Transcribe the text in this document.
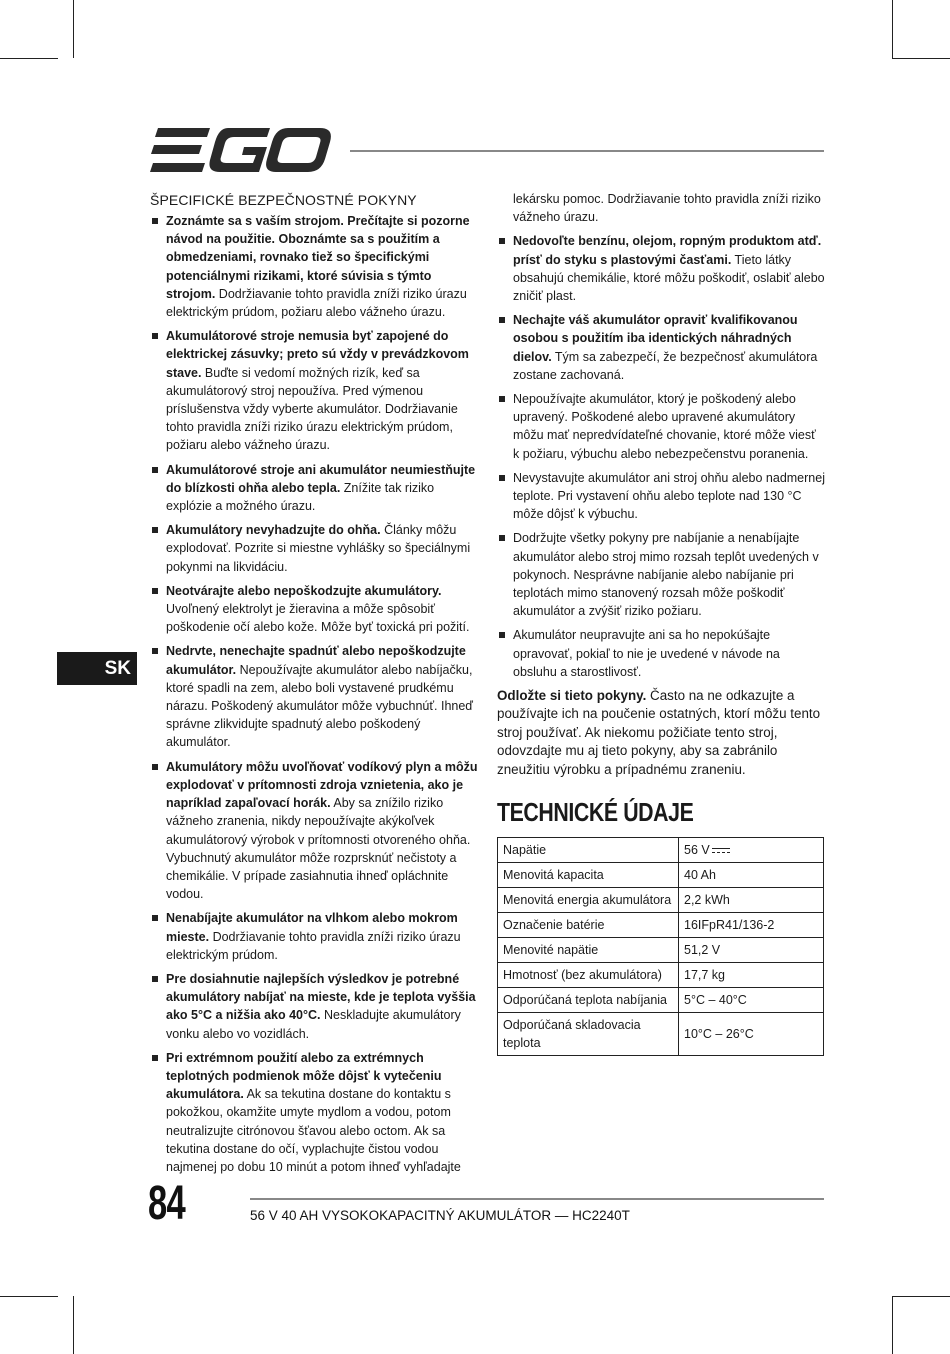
SK
ŠPECIFICKÉ BEZPEČNOSTNÉ POKYNY
Zoznámte sa s vaším strojom. Prečítajte si pozorne návod na použitie. Oboznámte sa s použitím a obmedzeniami, rovnako tiež so špecifickými potenciálnymi rizikami, ktoré súvisia s týmto strojom. Dodržiavanie tohto pravidla zníži riziko úrazu elektrickým prúdom, požiaru alebo vážneho úrazu.
Akumulátorové stroje nemusia byť zapojené do elektrickej zásuvky; preto sú vždy v prevádzkovom stave. Buďte si vedomí možných rizík, keď sa akumulátorový stroj nepoužíva. Pred výmenou príslušenstva vždy vyberte akumulátor. Dodržiavanie tohto pravidla zníži riziko úrazu elektrickým prúdom, požiaru alebo vážneho úrazu.
Akumulátorové stroje ani akumulátor neumiestňujte do blízkosti ohňa alebo tepla. Znížite tak riziko explózie a možného úrazu.
Akumulátory nevyhadzujte do ohňa. Články môžu explodovať. Pozrite si miestne vyhlášky so špeciálnymi pokynmi na likvidáciu.
Neotvárajte alebo nepoškodzujte akumulátory. Uvoľnený elektrolyt je žieravina a môže spôsobiť poškodenie očí alebo kože. Môže byť toxická pri požití.
Nedrvte, nenechajte spadnúť alebo nepoškodzujte akumulátor. Nepoužívajte akumulátor alebo nabíjačku, ktoré spadli na zem, alebo boli vystavené prudkému nárazu. Poškodený akumulátor môže vybuchnúť. Ihneď správne zlikvidujte spadnutý alebo poškodený akumulátor.
Akumulátory môžu uvoľňovať vodíkový plyn a môžu explodovať v prítomnosti zdroja vznietenia, ako je napríklad zapaľovací horák. Aby sa znížilo riziko vážneho zranenia, nikdy nepoužívajte akýkoľvek akumulátorový výrobok v prítomnosti otvoreného ohňa. Vybuchnutý akumulátor môže rozprsknúť nečistoty a chemikálie. V prípade zasiahnutia ihneď opláchnite vodou.
Nenabíjajte akumulátor na vlhkom alebo mokrom mieste. Dodržiavanie tohto pravidla zníži riziko úrazu elektrickým prúdom.
Pre dosiahnutie najlepších výsledkov je potrebné akumulátory nabíjať na mieste, kde je teplota vyššia ako 5°C a nižšia ako 40°C. Neskladujte akumulátory vonku alebo vo vozidlách.
Pri extrémnom použití alebo za extrémnych teplotných podmienok môže dôjsť k vytečeniu akumulátora. Ak sa tekutina dostane do kontaktu s pokožkou, okamžite umyte mydlom a vodou, potom neutralizujte citrónovou šťavou alebo octom. Ak sa tekutina dostane do očí, vyplachujte čistou vodou najmenej po dobu 10 minút a potom ihneď vyhľadajte
lekársku pomoc. Dodržiavanie tohto pravidla zníži riziko vážneho úrazu.
Nedovoľte benzínu, olejom, ropným produktom atď. prísť do styku s plastovými časťami. Tieto látky obsahujú chemikálie, ktoré môžu poškodiť, oslabiť alebo zničiť plast.
Nechajte váš akumulátor opraviť kvalifikovanou osobou s použitím iba identických náhradných dielov. Tým sa zabezpečí, že bezpečnosť akumulátora zostane zachovaná.
Nepoužívajte akumulátor, ktorý je poškodený alebo upravený. Poškodené alebo upravené akumulátory môžu mať nepredvídateľné chovanie, ktoré môže viesť k požiaru, výbuchu alebo nebezpečenstvu poranenia.
Nevystavujte akumulátor ani stroj ohňu alebo nadmernej teplote. Pri vystavení ohňu alebo teplote nad 130 °C môže dôjsť k výbuchu.
Dodržujte všetky pokyny pre nabíjanie a nenabíjajte akumulátor alebo stroj mimo rozsah teplôt uvedených v pokynoch. Nesprávne nabíjanie alebo nabíjanie pri teplotách mimo stanovený rozsah môže poškodiť akumulátor a zvýšiť riziko požiaru.
Akumulátor neupravujte ani sa ho nepokúšajte opravovať, pokiaľ to nie je uvedené v návode na obsluhu a starostlivosť.

Odložte si tieto pokyny. Často na ne odkazujte a používajte ich na poučenie ostatných, ktorí môžu tento stroj používať. Ak niekomu požičiate tento stroj, odovzdajte mu aj tieto pokyny, aby sa zabránilo zneužitiu výrobku a prípadnému zraneniu.

TECHNICKÉ ÚDAJE
Napätie	56 V
Menovitá kapacita	40 Ah
Menovitá energia akumulátora	2,2 kWh
Označenie batérie	16IFpR41/136-2
Menovité napätie	51,2 V
Hmotnosť (bez akumulátora)	17,7 kg
Odporúčaná teplota nabíjania	5°C – 40°C
Odporúčaná skladovacia teplota	10°C – 26°C
84	56 V 40 AH VYSOKOKAPACITNÝ AKUMULÁTOR — HC2240T
